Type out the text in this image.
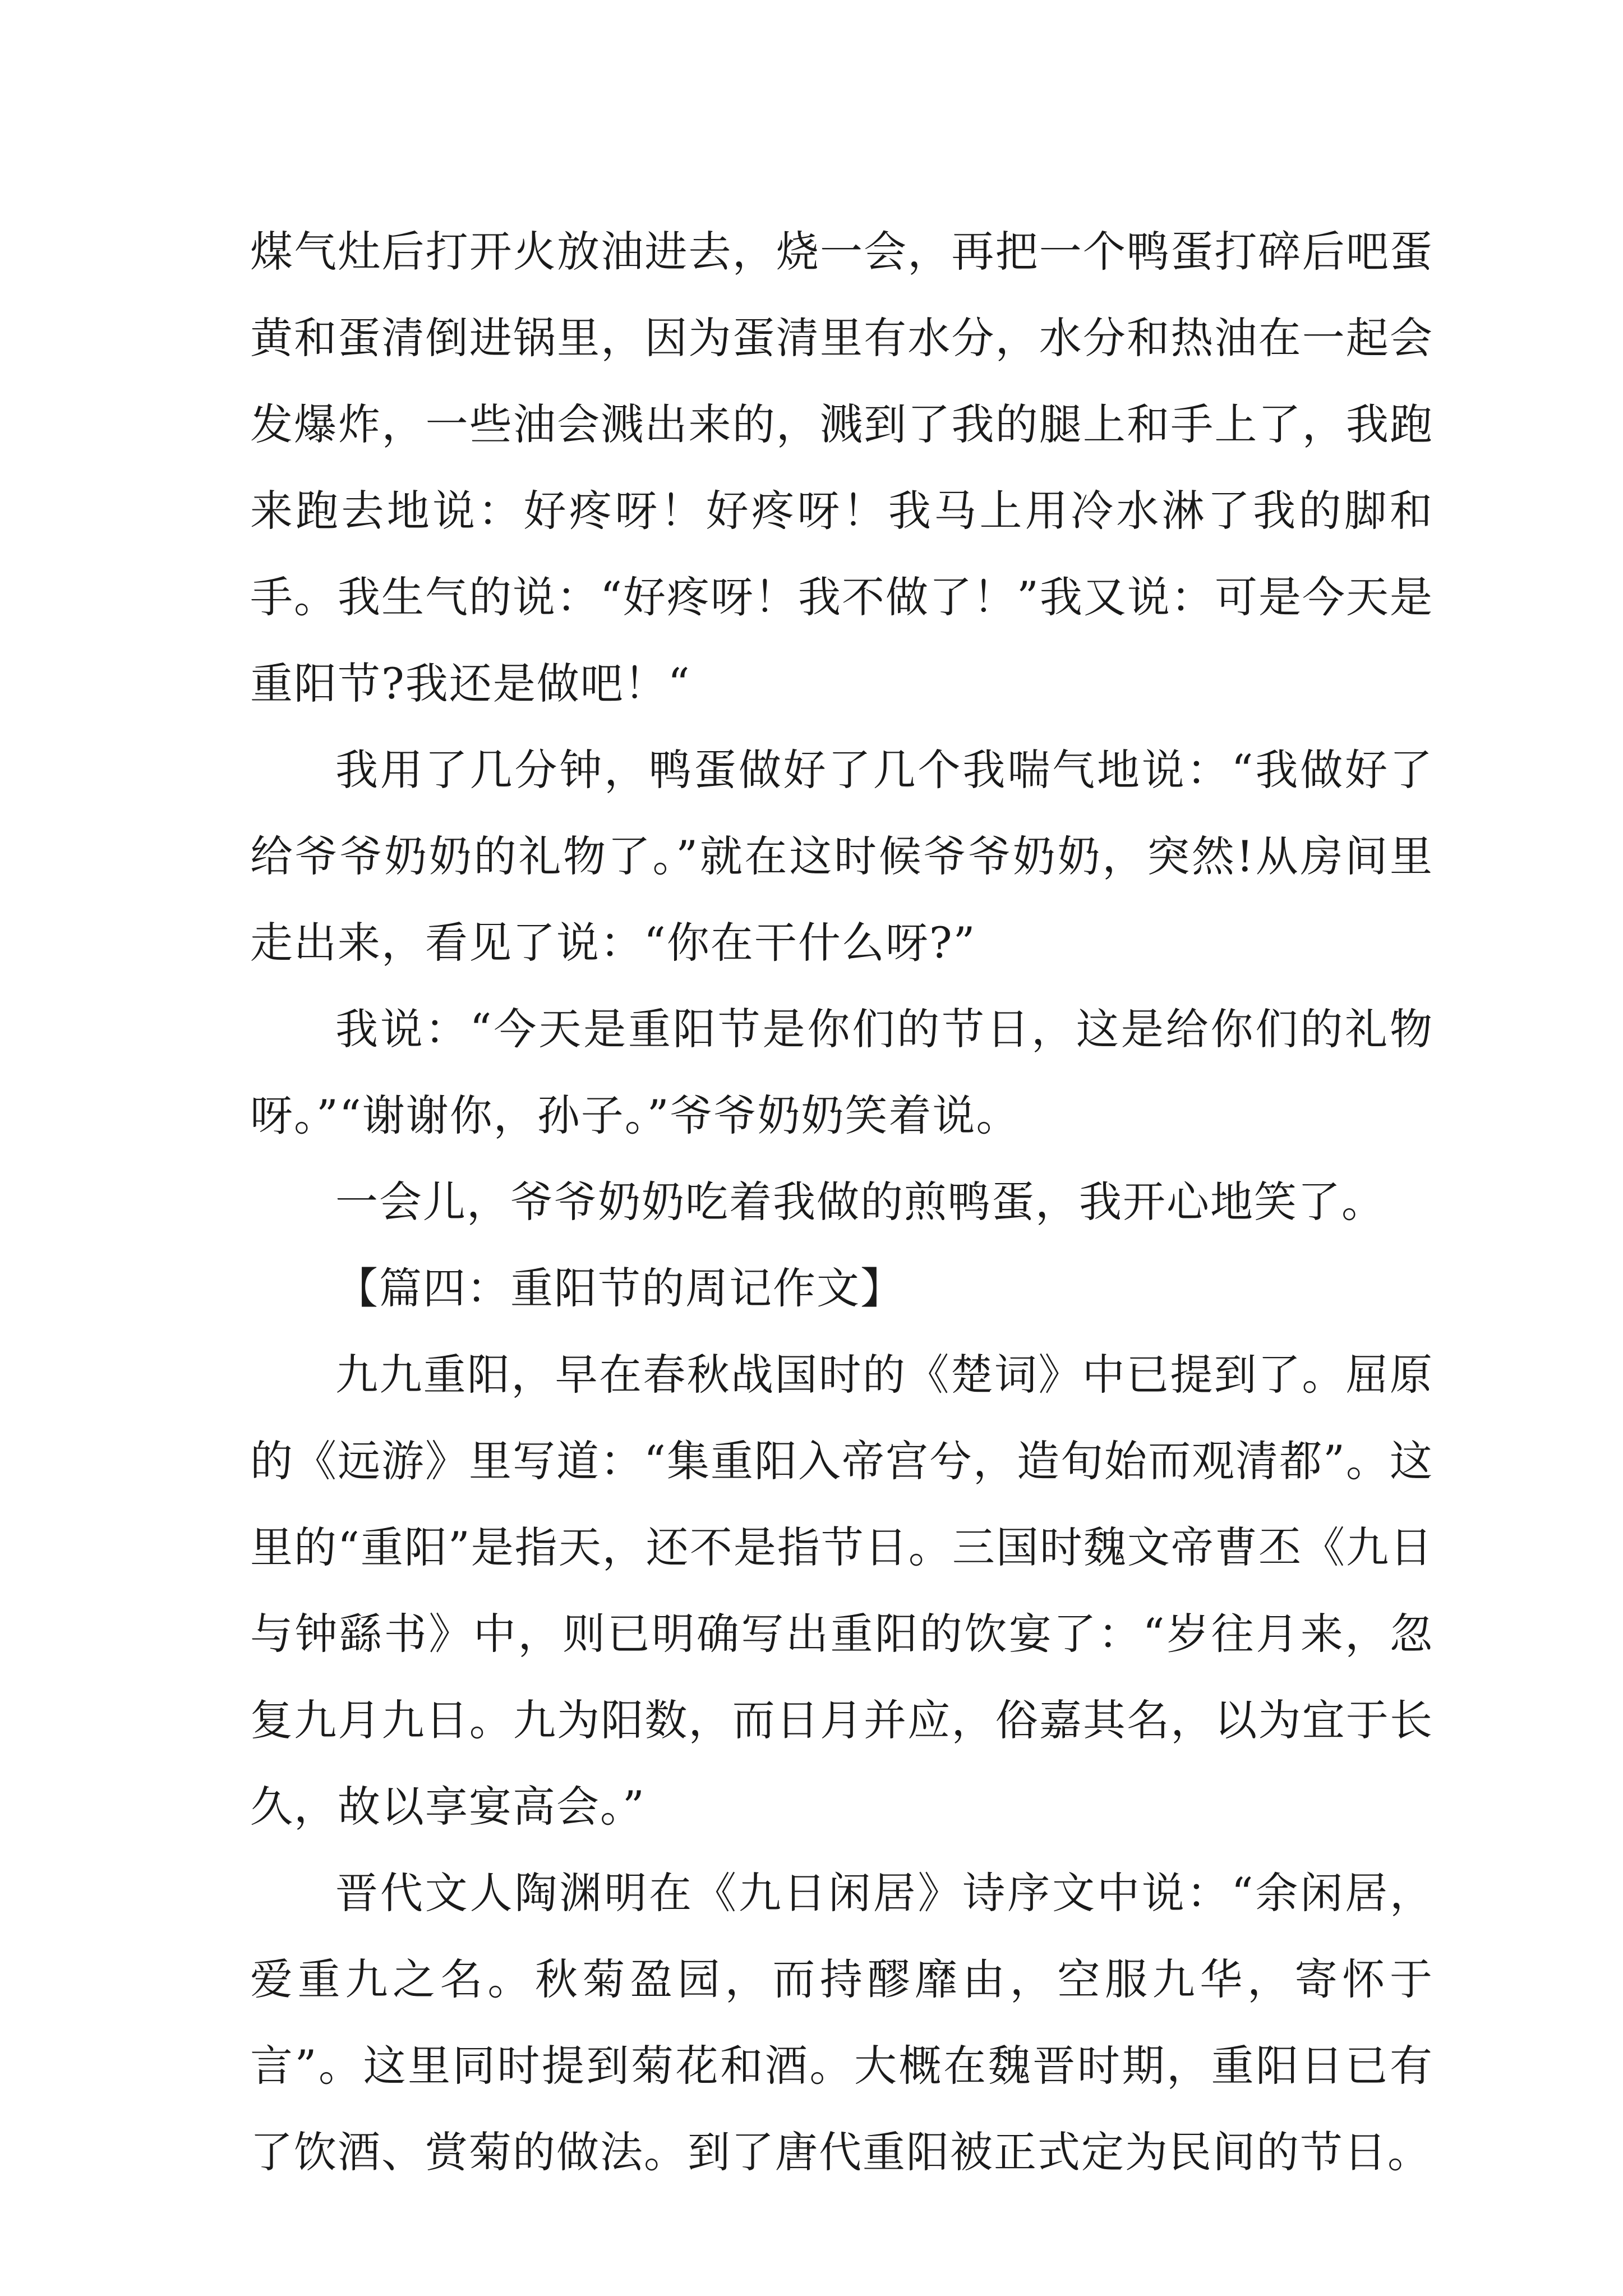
煤气灶后打开火放油进去，烧一会，再把一个鸭蛋打碎后吧蛋黄和蛋清倒进锅里，因为蛋清里有水分，水分和热油在一起会发爆炸，一些油会溅出来的，溅到了我的腿上和手上了，我跑来跑去地说：好疼呀！好疼呀！我马上用冷水淋了我的脚和手。我生气的说：“好疼呀！我不做了！”我又说：可是今天是重阳节?我还是做吧！“

我用了几分钟，鸭蛋做好了几个我喘气地说：“我做好了给爷爷奶奶的礼物了。”就在这时候爷爷奶奶，突然!从房间里走出来，看见了说：“你在干什么呀?”

我说：“今天是重阳节是你们的节日，这是给你们的礼物呀。”“谢谢你，孙子。”爷爷奶奶笑着说。

一会儿，爷爷奶奶吃着我做的煎鸭蛋，我开心地笑了。

【篇四：重阳节的周记作文】

九九重阳，早在春秋战国时的《楚词》中已提到了。屈原的《远游》里写道：“集重阳入帝宫兮，造旬始而观清都”。这里的“重阳”是指天，还不是指节日。三国时魏文帝曹丕《九日与钟繇书》中，则已明确写出重阳的饮宴了：“岁往月来，忽复九月九日。九为阳数，而日月并应，俗嘉其名，以为宜于长久，故以享宴高会。”

晋代文人陶渊明在《九日闲居》诗序文中说：“余闲居，爱重九之名。秋菊盈园，而持醪靡由，空服九华，寄怀于言”。这里同时提到菊花和酒。大概在魏晋时期，重阳日已有了饮酒、赏菊的做法。到了唐代重阳被正式定为民间的节日。
